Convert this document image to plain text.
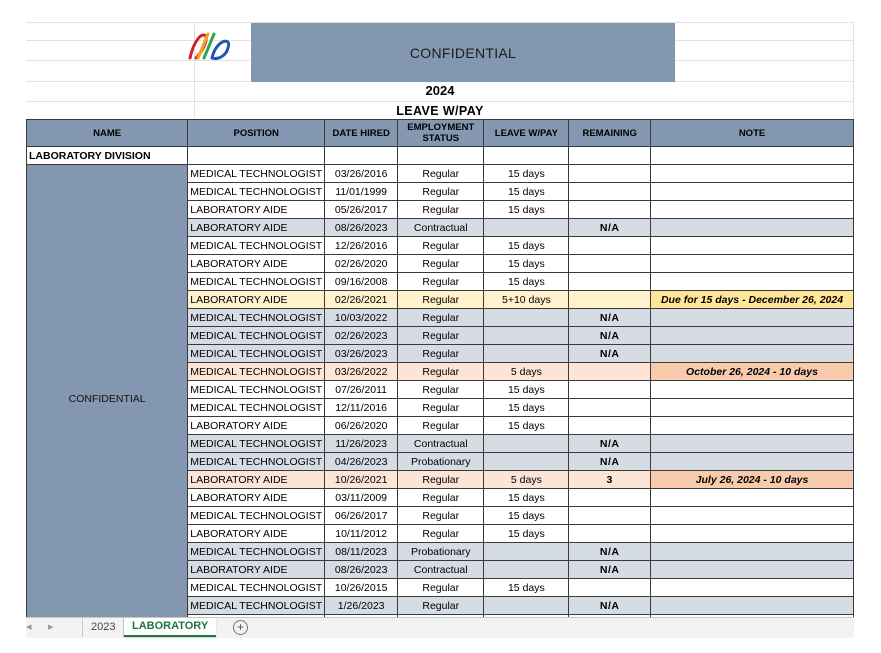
CONFIDENTIAL
2024
LEAVE W/PAY
NAME	POSITION	DATE HIRED	EMPLOYMENT STATUS	LEAVE W/PAY	REMAINING	NOTE
LABORATORY DIVISION						
CONFIDENTIAL	MEDICAL TECHNOLOGIST	03/26/2016	Regular	15 days		
	MEDICAL TECHNOLOGIST	11/01/1999	Regular	15 days		
	LABORATORY AIDE	05/26/2017	Regular	15 days		
	LABORATORY AIDE	08/26/2023	Contractual		N/A	
	MEDICAL TECHNOLOGIST	12/26/2016	Regular	15 days		
	LABORATORY AIDE	02/26/2020	Regular	15 days		
	MEDICAL TECHNOLOGIST	09/16/2008	Regular	15 days		
	LABORATORY AIDE	02/26/2021	Regular	5+10 days		Due for 15 days - December 26, 2024
	MEDICAL TECHNOLOGIST	10/03/2022	Regular		N/A	
	MEDICAL TECHNOLOGIST	02/26/2023	Regular		N/A	
	MEDICAL TECHNOLOGIST	03/26/2023	Regular		N/A	
	MEDICAL TECHNOLOGIST	03/26/2022	Regular	5 days		October 26, 2024 - 10 days
	MEDICAL TECHNOLOGIST	07/26/2011	Regular	15 days		
	MEDICAL TECHNOLOGIST	12/11/2016	Regular	15 days		
	LABORATORY AIDE	06/26/2020	Regular	15 days		
	MEDICAL TECHNOLOGIST	11/26/2023	Contractual		N/A	
	MEDICAL TECHNOLOGIST	04/26/2023	Probationary		N/A	
	LABORATORY AIDE	10/26/2021	Regular	5 days	3	July 26, 2024 - 10 days
	LABORATORY AIDE	03/11/2009	Regular	15 days		
	MEDICAL TECHNOLOGIST	06/26/2017	Regular	15 days		
	LABORATORY AIDE	10/11/2012	Regular	15 days		
	MEDICAL TECHNOLOGIST	08/11/2023	Probationary		N/A	
	LABORATORY AIDE	08/26/2023	Contractual		N/A	
	MEDICAL TECHNOLOGIST	10/26/2015	Regular	15 days		
	MEDICAL TECHNOLOGIST	1/26/2023	Regular		N/A	

◂ ▸	2023	LABORATORY	+
